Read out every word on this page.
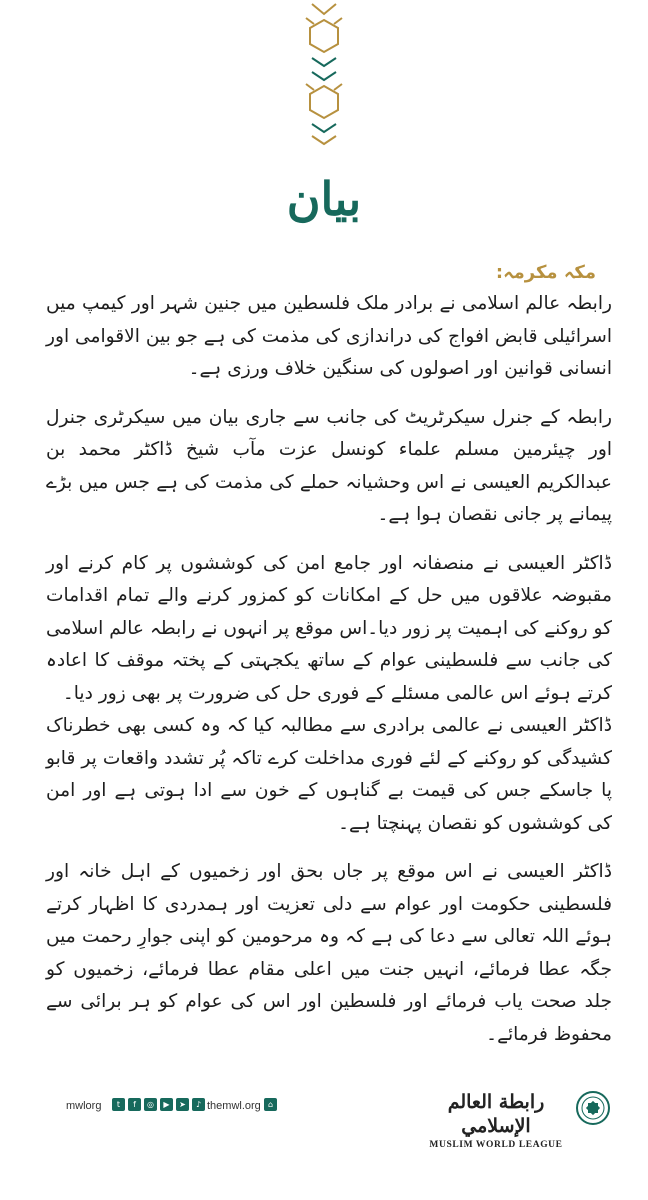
بیان
مکہ مکرمہ:

رابطہ عالم اسلامی نے برادر ملک فلسطین میں جنین شہر اور کیمپ میں اسرائیلی قابض افواج کی دراندازی کی مذمت کی ہے جو بین الاقوامی اور انسانی قوانین اور اصولوں کی سنگین خلاف ورزی ہے۔

رابطہ کے جنرل سیکرٹریٹ کی جانب سے جاری بیان میں سیکرٹری جنرل اور چیئرمین مسلم علماء کونسل عزت مآب شیخ ڈاکٹر محمد بن عبدالکریم العیسی نے اس وحشیانہ حملے کی مذمت کی ہے جس میں بڑے پیمانے پر جانی نقصان ہوا ہے۔

ڈاکٹر العیسی نے منصفانہ اور جامع امن کی کوششوں پر کام کرنے اور مقبوضہ علاقوں میں حل کے امکانات کو کمزور کرنے والے تمام اقدامات کو روکنے کی اہمیت پر زور دیا۔اس موقع پر انہوں نے رابطہ عالم اسلامی کی جانب سے فلسطینی عوام کے ساتھ یکجہتی کے پختہ موقف کا اعادہ کرتے ہوئے اس عالمی مسئلے کے فوری حل کی ضرورت پر بھی زور دیا۔

ڈاکٹر العیسی نے عالمی برادری سے مطالبہ کیا کہ وہ کسی بھی خطرناک کشیدگی کو روکنے کے لئے فوری مداخلت کرے تاکہ پُر تشدد واقعات پر قابو پا جاسکے جس کی قیمت بے گناہوں کے خون سے ادا ہوتی ہے اور امن کی کوششوں کو نقصان پہنچتا ہے۔

ڈاکٹر العیسی نے اس موقع پر جاں بحق اور زخمیوں کے اہل خانہ اور فلسطینی حکومت اور عوام سے دلی تعزیت اور ہمدردی کا اظہار کرتے ہوئے اللہ تعالی سے دعا کی ہے کہ وہ مرحومین کو اپنی جوارِ رحمت میں جگہ عطا فرمائے، انہیں جنت میں اعلی مقام عطا فرمائے، زخمیوں کو جلد صحت یاب فرمائے اور فلسطین اور اس کی عوام کو ہر برائی سے محفوظ فرمائے۔

mwlorg	t	f	◎	▶	➤	♪ themwl.org ⌂	رابطة العالم الإسلامي
MUSLIM WORLD LEAGUE
